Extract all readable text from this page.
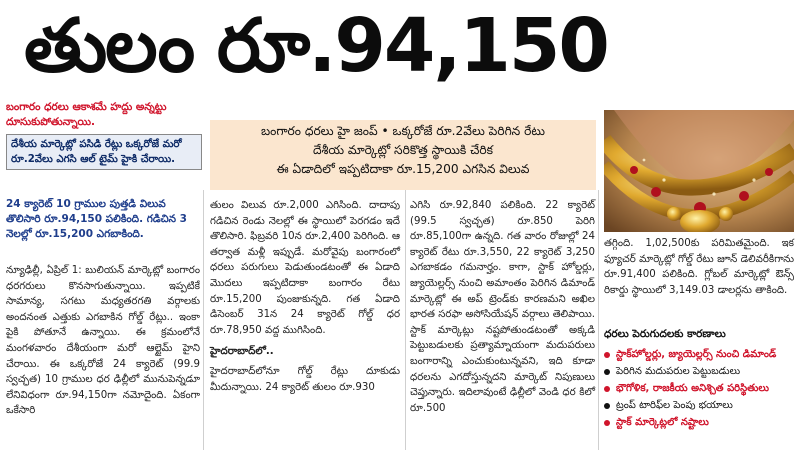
తులం రూ.94,150
బంగారం ధరలు ఆకాశమే హద్దు అన్నట్టు దూసుకుపోతున్నాయి.
దేశీయ మార్కెట్లో పసిడి రేట్లు ఒక్కరోజే మరో రూ.2వేలు ఎగసి ఆల్ టైమ్ హైకి చేరాయి.
24 క్యారెట్ 10 గ్రాముల పుత్తడి విలువ తొలిసారి రూ.94,150 పలికింది. గడిచిన 3 నెలల్లో రూ.15,200 ఎగబాకింది.
బంగారం ధరలు హై జంప్ • ఒక్కరోజే రూ.2వేలు పెరిగిన రేటు
దేశీయ మార్కెట్లో సరికొత్త స్థాయికి చేరిక
ఈ ఏడాదిలో ఇప్పటిదాకా రూ.15,200 ఎగసిన విలువ

న్యూఢిల్లీ, ఏప్రిల్ 1: బులియన్ మార్కెట్లో బంగారం ధరగరులు కొనసాగుతున్నాయి. ఇప్పటికే సామాన్య, సగటు మధ్యతరగతి వర్గాలకు అందనంత ఎత్తుకు ఎగబాకిన గోల్డ్ రేట్లు.. ఇంకా పైకి పోతూనే ఉన్నాయి. ఈ క్రమంలోనే మంగళవారం దేశీయంగా మరో ఆల్టైమ్ హైని చేరాయి. ఈ ఒక్కరోజే 24 క్యారెట్ (99.9 స్వచ్ఛత) 10 గ్రాముల ధర ఢిల్లీలో మునుపెన్నడూ లేనివిధంగా రూ.94,150గా నమోదైంది. ఏకంగా ఒకేసారి

తులం విలువ రూ.2,000 ఎగిసింది. దాదాపు గడిచిన రెండు నెలల్లో ఈ స్థాయిలో పెరగడం ఇదే తొలిసారి. ఫిబ్రవరి 10న రూ.2,400 పెరిగింది. ఆ తర్వాత మళ్లీ ఇప్పుడే. మరోవైపు బంగారంలో ధరలు పరుగులు పెడుతుండటంతో ఈ ఏడాది మొదలు ఇప్పటిదాకా బంగారం రేటు రూ.15,200 పుంజుకున్నది. గత ఏడాది డిసెంబర్ 31న 24 క్యారెట్ గోల్డ్ ధర రూ.78,950 వద్ద ముగిసింది.

హైదరాబాద్‌లో..

హైదరాబాద్‌లోనూ గోల్డ్ రేట్లు దూకుడు మీదున్నాయి. 24 క్యారెట్ తులం రూ.930

ఎగిసి రూ.92,840 పలికింది. 22 క్యారెట్ (99.5 స్వచ్ఛత) రూ.850 పెరిగి రూ.85,100గా ఉన్నది. గత వారం రోజుల్లో 24 క్యారెట్ రేటు రూ.3,550, 22 క్యారెట్ 3,250 ఎగబాకడం గమనార్హం. కాగా, స్టాక్ హోల్డర్లు, జ్యుయెల్లర్స్ నుంచి అమాంతం పెరిగిన డిమాండ్ మార్కెట్లో ఈ అప్ ట్రెండ్‌కు కారణమని అఖిల భారత సరఫా అసోసియేషన్ వర్గాలు తెలిపాయి. స్టాక్ మార్కెట్లు నష్టపోతుండటంతో అక్కడి పెట్టుబడులకు ప్రత్యామ్నాయంగా మదుపరులు బంగారాన్ని ఎంచుకుంటున్నవని, ఇది కూడా ధరలను ఎగదోస్తున్నదని మార్కెట్ నిపుణులు చెప్తున్నారు. ఇదిలావుంటే ఢిల్లీలో వెండి ధర కిలో రూ.500

తగ్గింది. 1,02,500కు పరిమితమైంది. ఇక ఫ్యూచర్ మార్కెట్లో గోల్డ్ రేటు జూన్ డెలివరీకిగాను రూ.91,400 పలికింది. గ్లోబల్ మార్కెట్లో ఔన్స్ రికార్డు స్థాయిలో 3,149.03 డాలర్లను తాకింది.

ధరలు పెరుగుదలకు కారణాలు
స్టాక్‌హోల్డర్లు, జ్యుయెల్లర్స్ నుంచి డిమాండ్
పెరిగిన మదుపరుల పెట్టుబడులు
భౌగోళిక, రాజకీయ అనిశ్చిత పరిస్థితులు
ట్రంప్ టారిఫ్‌ల పెంపు భయాలు
స్టాక్ మార్కెట్లలో నష్టాలు
